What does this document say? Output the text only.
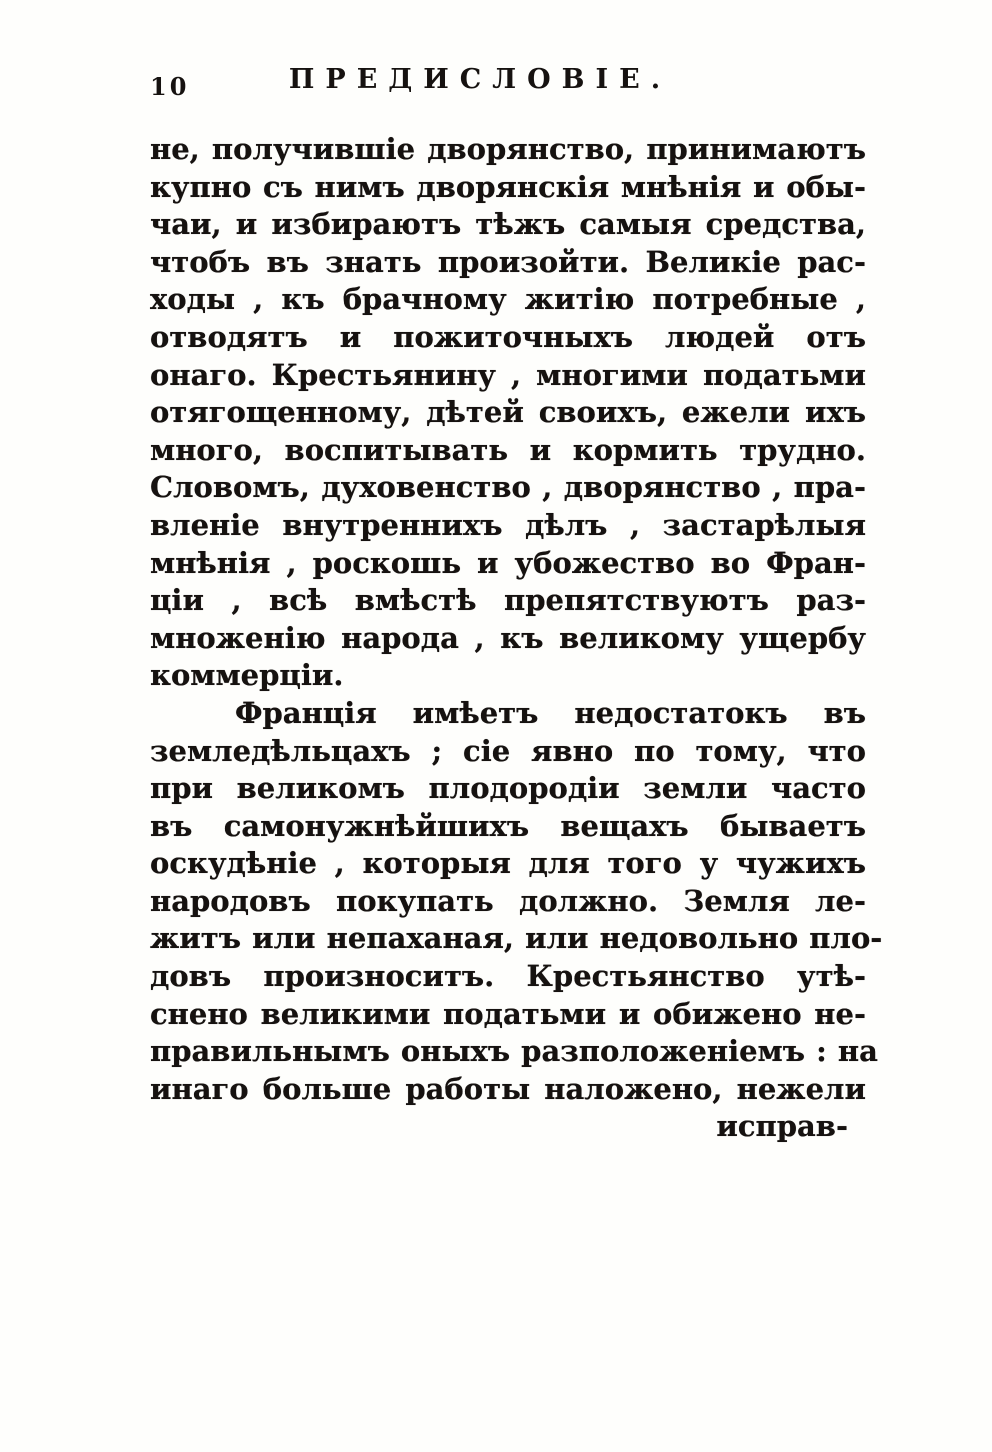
10	ПРЕДИСЛОВІЕ.
не, получившіе дворянство, принимаютъ
купно съ нимъ дворянскія мнѣнія и обы-
чаи, и избираютъ тѣжъ самыя средства,
чтобъ въ знать произойти. Великіе рас-
ходы , къ брачному житію потребные ,
отводятъ и пожиточныхъ людей отъ
онаго. Крестьянину , многими податьми
отягощенному, дѣтей своихъ, ежели ихъ
много, воспитывать и кормить трудно.
Словомъ, духовенство , дворянство , пра-
вленіе внутреннихъ дѣлъ , застарѣлыя
мнѣнія , роскошь и убожество во Фран-
ціи , всѣ вмѣстѣ препятствуютъ раз-
множенію народа , къ великому ущербу
коммерціи.
Франція имѣетъ недостатокъ въ
земледѣльцахъ ; сіе явно по тому, что
при великомъ плодородіи земли часто
въ самонужнѣйшихъ вещахъ бываетъ
оскудѣніе , которыя для того у чужихъ
народовъ покупать должно. Земля ле-
житъ или непаханая, или недовольно пло-
довъ произноситъ. Крестьянство утѣ-
снено великими податьми и обижено не-
правильнымъ оныхъ разположеніемъ : на
инаго больше работы наложено, нежели
исправ-
